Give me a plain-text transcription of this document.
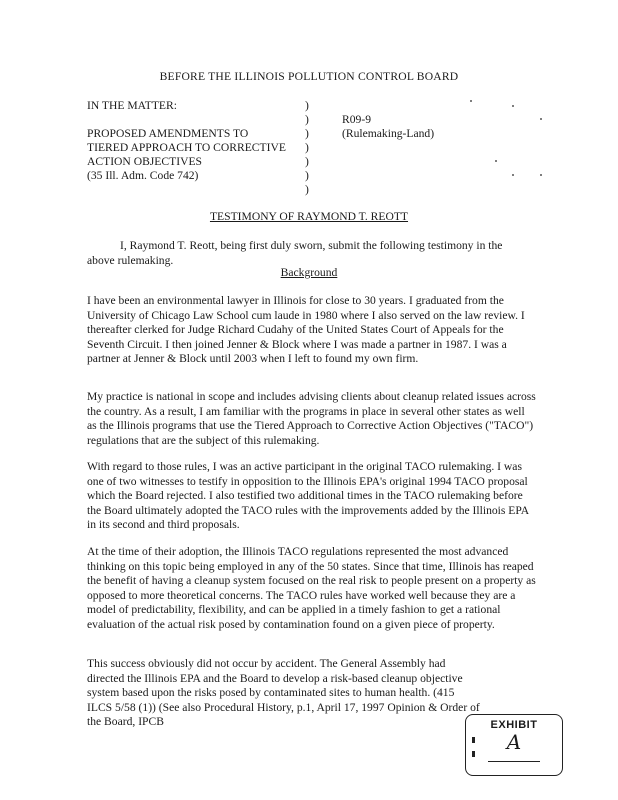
BEFORE THE ILLINOIS POLLUTION CONTROL BOARD
IN THE MATTER:
PROPOSED AMENDMENTS TO
TIERED APPROACH TO CORRECTIVE
ACTION OBJECTIVES
(35 Ill. Adm. Code 742)
)
)
)
)
)
)
)
R09-9
(Rulemaking-Land)
TESTIMONY OF RAYMOND T. REOTT

I, Raymond T. Reott, being first duly sworn, submit the following testimony in the above rulemaking.

Background

I have been an environmental lawyer in Illinois for close to 30 years. I graduated from the University of Chicago Law School cum laude in 1980 where I also served on the law review. I thereafter clerked for Judge Richard Cudahy of the United States Court of Appeals for the Seventh Circuit. I then joined Jenner & Block where I was made a partner in 1987. I was a partner at Jenner & Block until 2003 when I left to found my own firm.

My practice is national in scope and includes advising clients about cleanup related issues across the country. As a result, I am familiar with the programs in place in several other states as well as the Illinois programs that use the Tiered Approach to Corrective Action Objectives ("TACO") regulations that are the subject of this rulemaking.

With regard to those rules, I was an active participant in the original TACO rulemaking. I was one of two witnesses to testify in opposition to the Illinois EPA's original 1994 TACO proposal which the Board rejected. I also testified two additional times in the TACO rulemaking before the Board ultimately adopted the TACO rules with the improvements added by the Illinois EPA in its second and third proposals.

At the time of their adoption, the Illinois TACO regulations represented the most advanced thinking on this topic being employed in any of the 50 states. Since that time, Illinois has reaped the benefit of having a cleanup system focused on the real risk to people present on a property as opposed to more theoretical concerns. The TACO rules have worked well because they are a model of predictability, flexibility, and can be applied in a timely fashion to get a rational evaluation of the actual risk posed by contamination found on a given piece of property.

This success obviously did not occur by accident. The General Assembly had directed the Illinois EPA and the Board to develop a risk-based cleanup objective system based upon the risks posed by contaminated sites to human health. (415 ILCS 5/58 (1)) (See also Procedural History, p.1, April 17, 1997 Opinion & Order of the Board, IPCB	EXHIBIT
A
